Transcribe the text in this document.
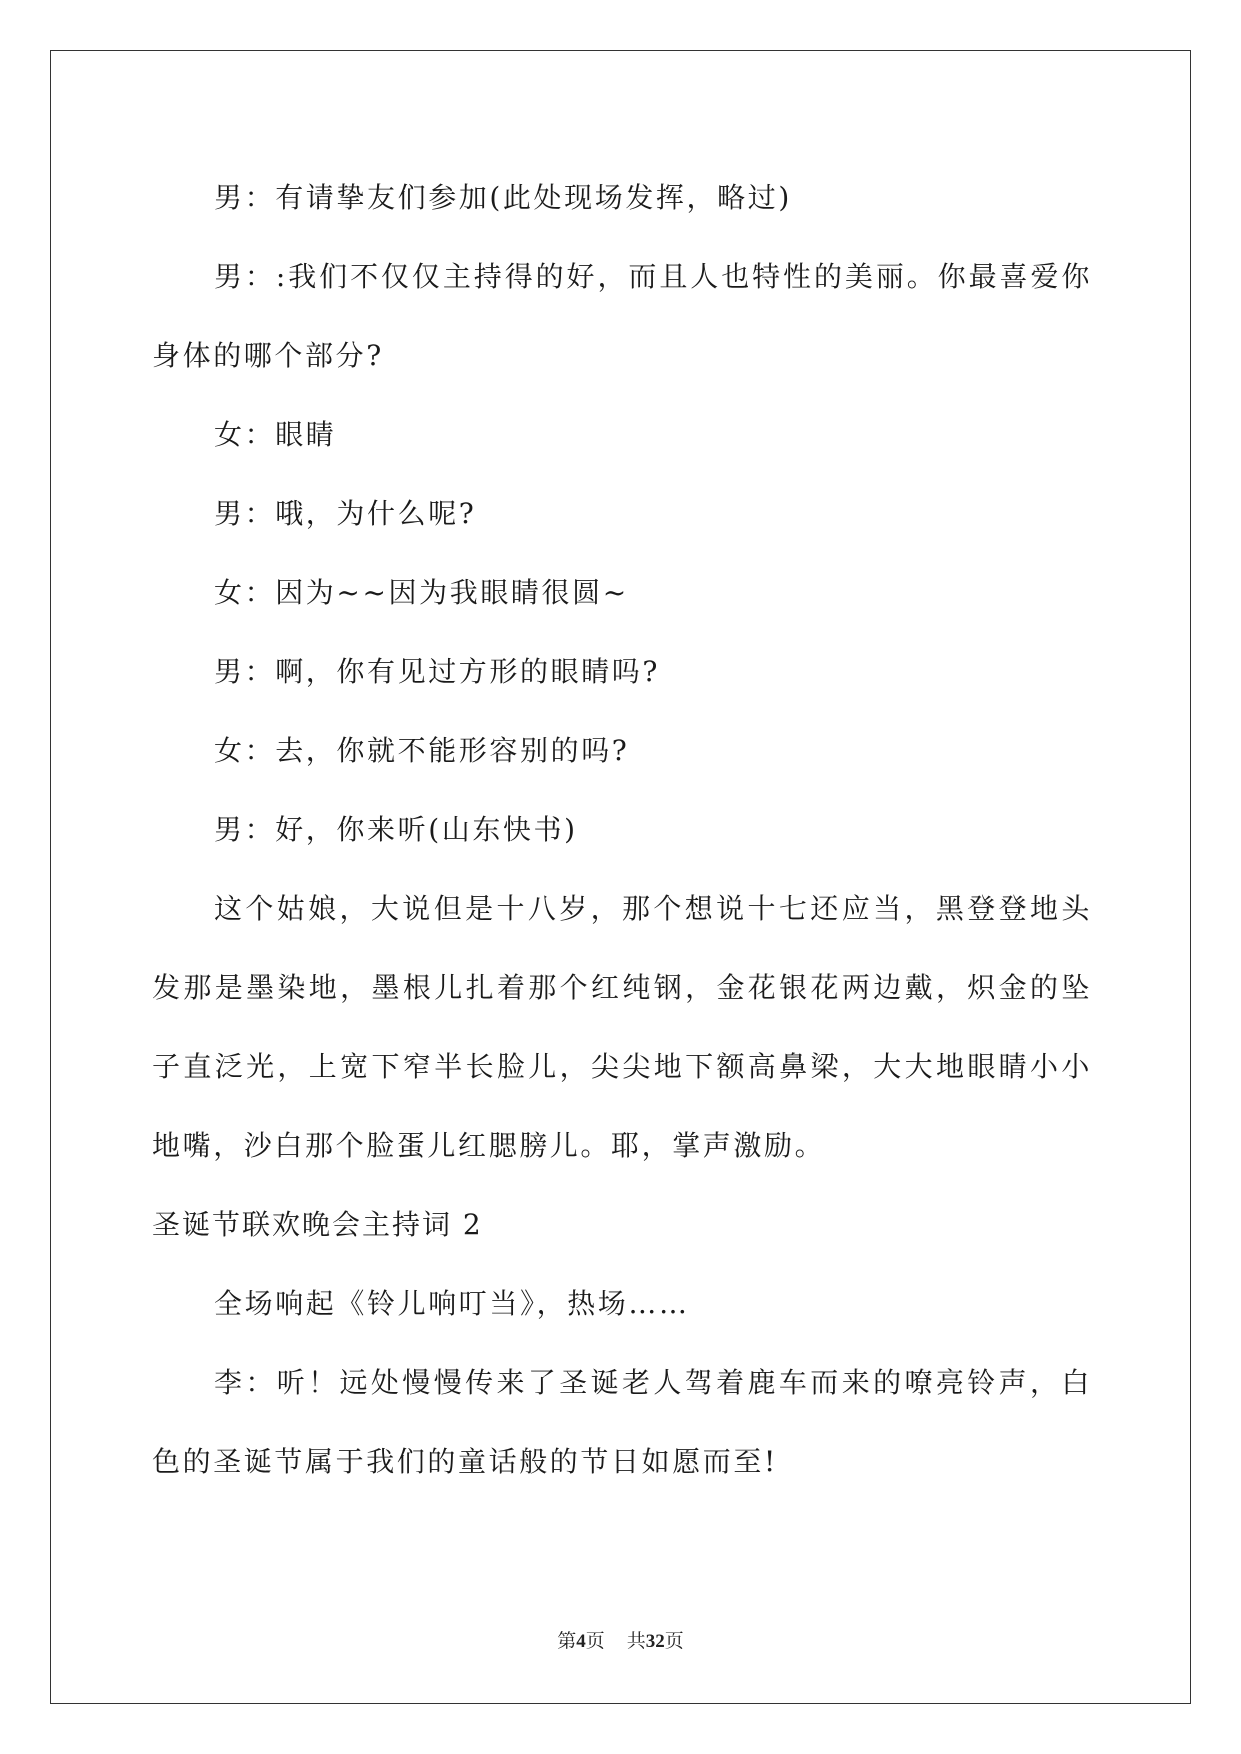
男：有请挚友们参加(此处现场发挥，略过)

男：:我们不仅仅主持得的好，而且人也特性的美丽。你最喜爱你身体的哪个部分?

女：眼睛

男：哦，为什么呢?

女：因为~~因为我眼睛很圆~

男：啊，你有见过方形的眼睛吗?

女：去，你就不能形容别的吗?

男：好，你来听(山东快书)

这个姑娘，大说但是十八岁，那个想说十七还应当，黑登登地头发那是墨染地，墨根儿扎着那个红纯钢，金花银花两边戴，炽金的坠子直泛光，上宽下窄半长脸儿，尖尖地下额高鼻梁，大大地眼睛小小地嘴，沙白那个脸蛋儿红腮膀儿。耶，掌声激励。

圣诞节联欢晚会主持词 2

全场响起《铃儿响叮当》，热场……

李：听！远处慢慢传来了圣诞老人驾着鹿车而来的嘹亮铃声，白色的圣诞节属于我们的童话般的节日如愿而至!

第4页 共32页
